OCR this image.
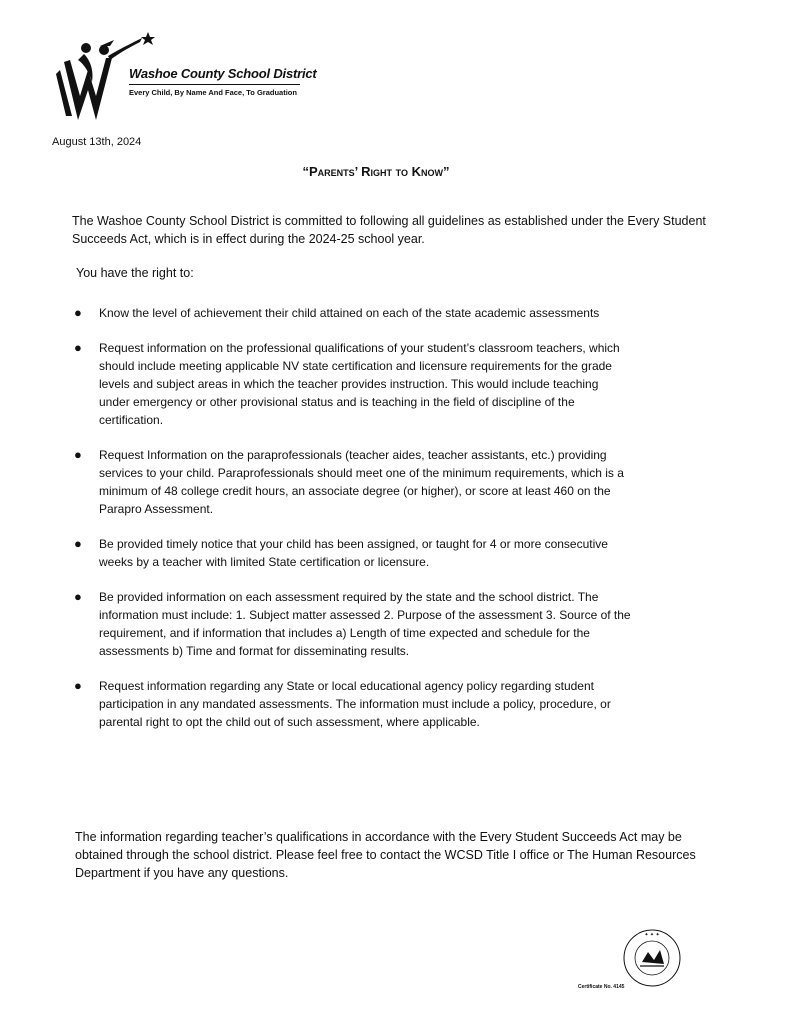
Washoe County School District
Every Child, By Name And Face, To Graduation
August 13th, 2024
“Parents’ Right to Know”
The Washoe County School District is committed to following all guidelines as established under the Every Student Succeeds Act, which is in effect during the 2024-25 school year.
You have the right to:
● Know the level of achievement their child attained on each of the state academic assessments
● Request information on the professional qualifications of your student’s classroom teachers, which should include meeting applicable NV state certification and licensure requirements for the grade levels and subject areas in which the teacher provides instruction. This would include teaching under emergency or other provisional status and is teaching in the field of discipline of the certification.
● Request Information on the paraprofessionals (teacher aides, teacher assistants, etc.) providing services to your child. Paraprofessionals should meet one of the minimum requirements, which is a minimum of 48 college credit hours, an associate degree (or higher), or score at least 460 on the Parapro Assessment.
● Be provided timely notice that your child has been assigned, or taught for 4 or more consecutive weeks by a teacher with limited State certification or licensure.
● Be provided information on each assessment required by the state and the school district. The information must include: 1. Subject matter assessed 2. Purpose of the assessment 3. Source of the requirement, and if information that includes a) Length of time expected and schedule for the assessments b) Time and format for disseminating results.
● Request information regarding any State or local educational agency policy regarding student participation in any mandated assessments. The information must include a policy, procedure, or parental right to opt the child out of such assessment, where applicable.
The information regarding teacher’s qualifications in accordance with the Every Student Succeeds Act may be obtained through the school district. Please feel free to contact the WCSD Title I office or The Human Resources Department if you have any questions.
✦ ✦ ✦
Certificate No. 4145
